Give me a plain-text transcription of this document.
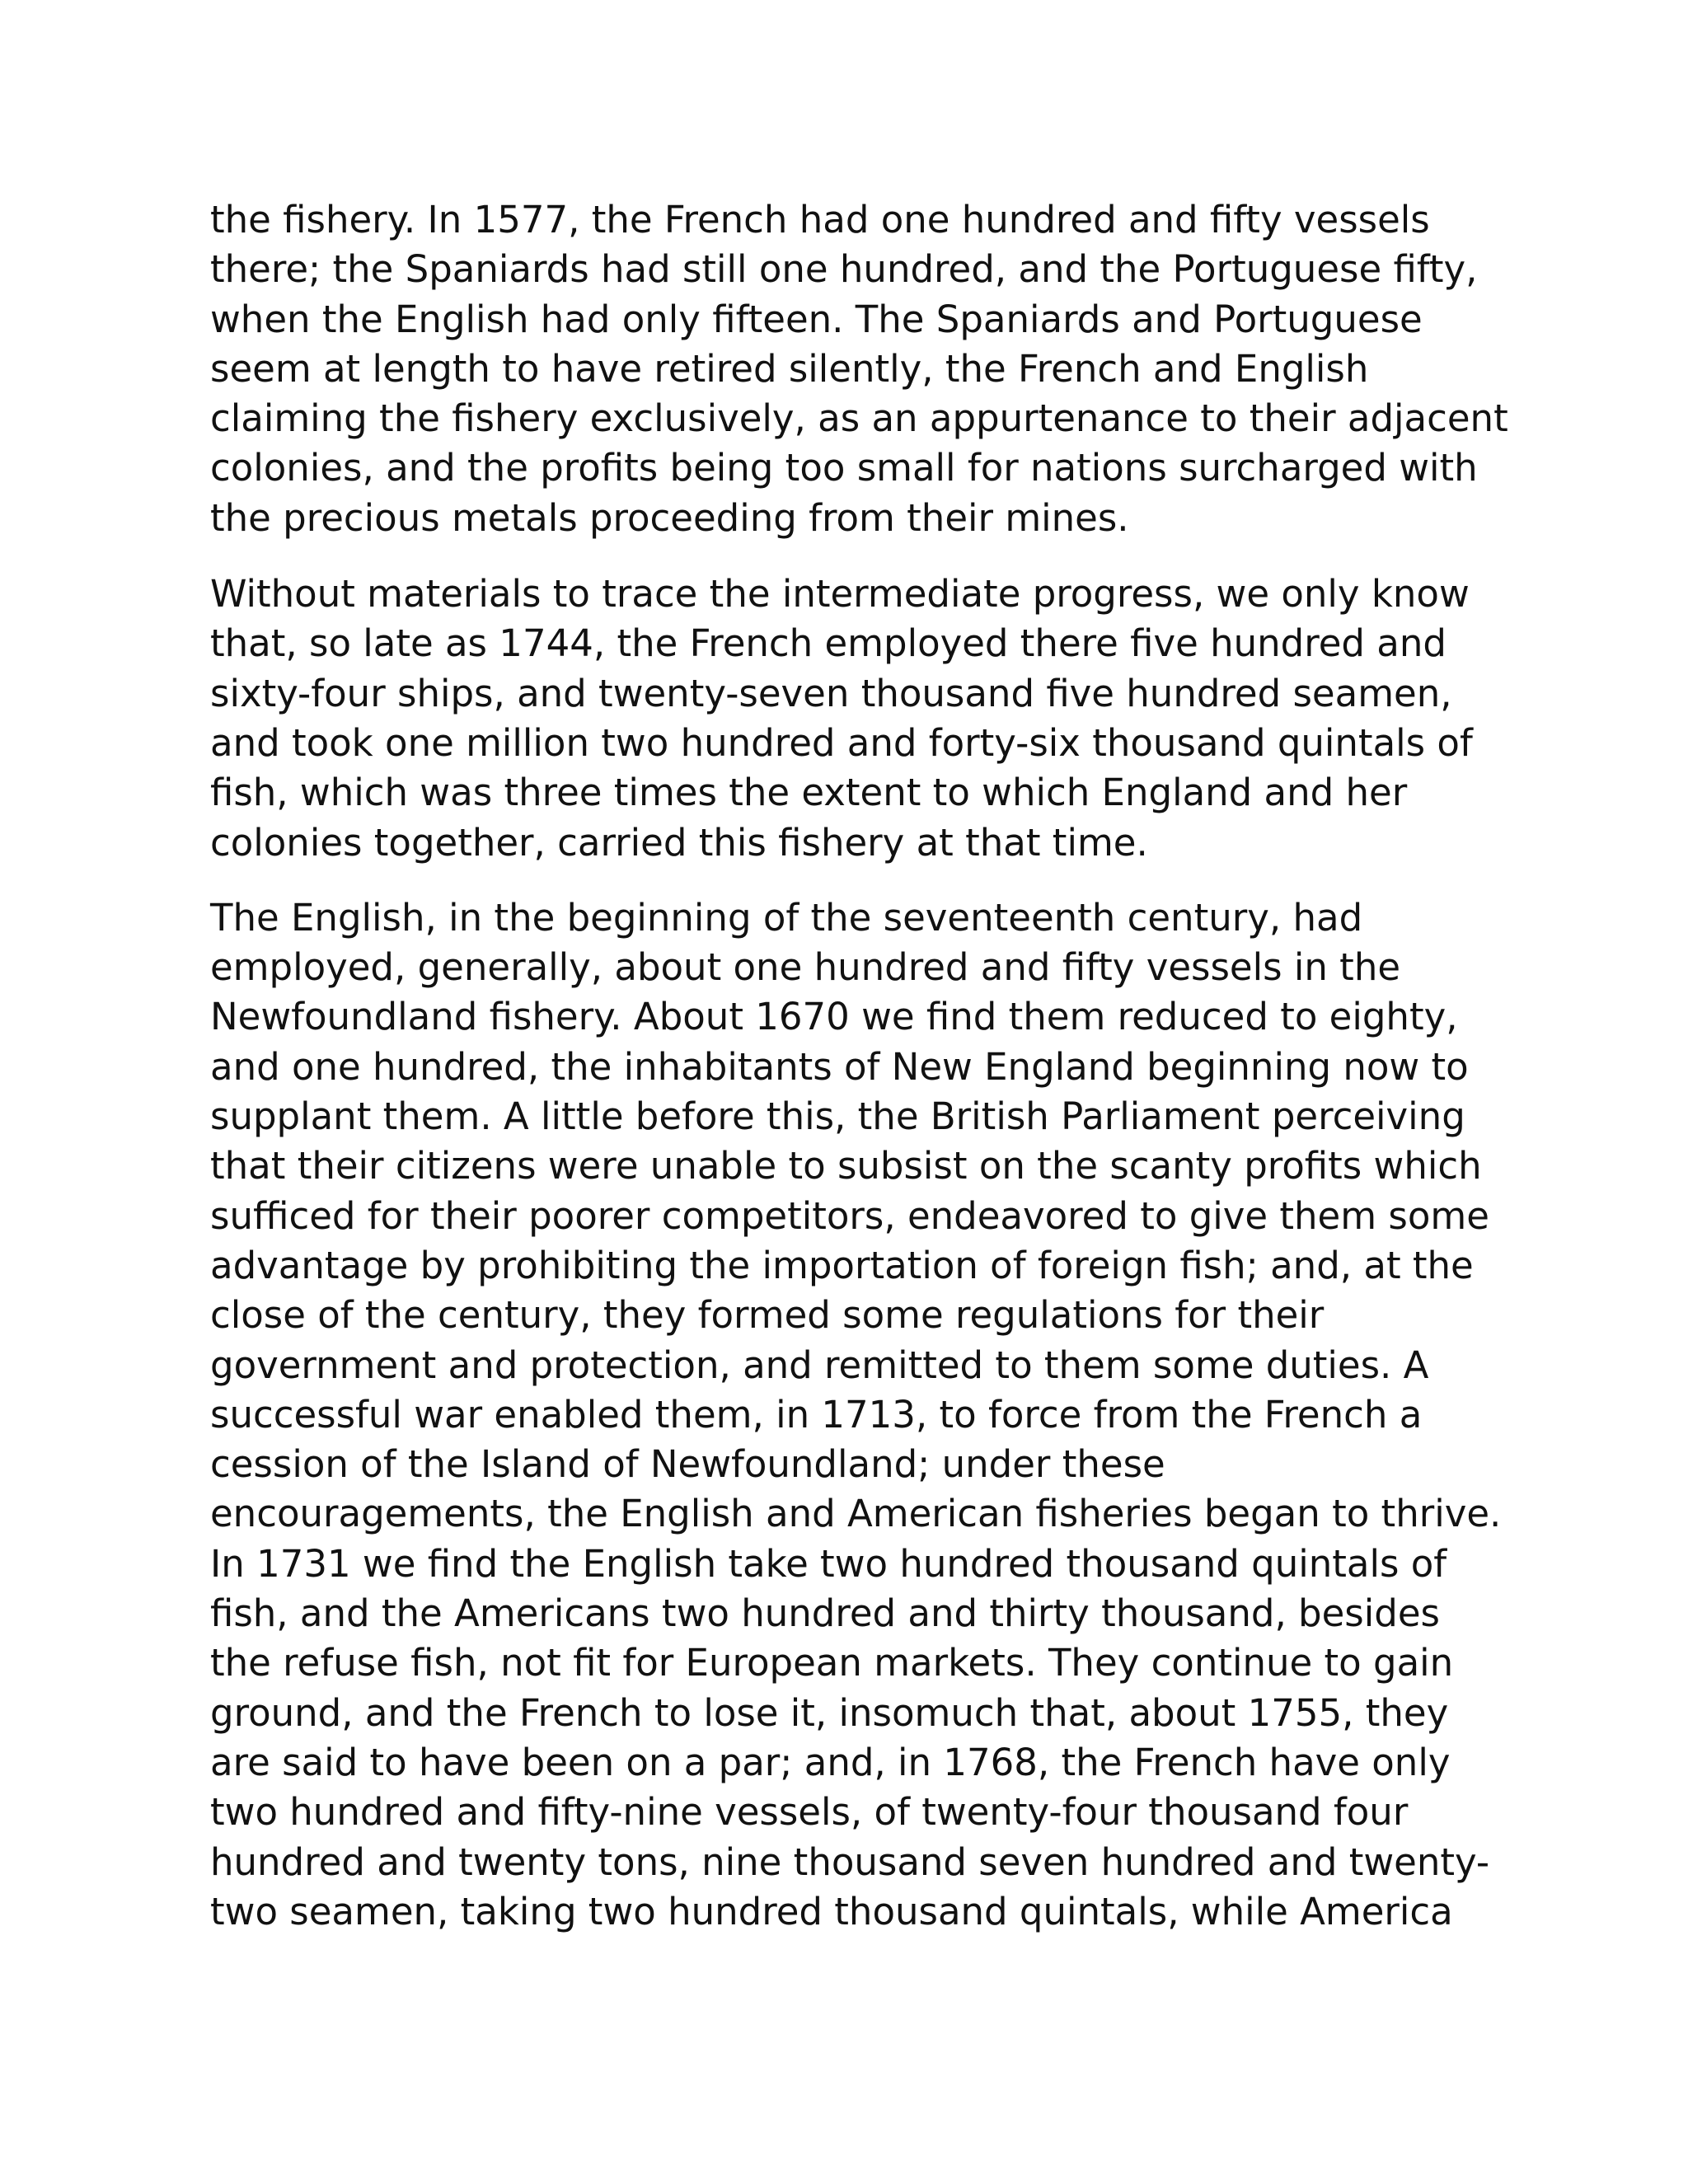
the fishery. In 1577, the French had one hundred and fifty vessels
there; the Spaniards had still one hundred, and the Portuguese fifty,
when the English had only fifteen. The Spaniards and Portuguese
seem at length to have retired silently, the French and English
claiming the fishery exclusively, as an appurtenance to their adjacent
colonies, and the profits being too small for nations surcharged with
the precious metals proceeding from their mines.

Without materials to trace the intermediate progress, we only know
that, so late as 1744, the French employed there five hundred and
sixty-four ships, and twenty-seven thousand five hundred seamen,
and took one million two hundred and forty-six thousand quintals of
fish, which was three times the extent to which England and her
colonies together, carried this fishery at that time.

The English, in the beginning of the seventeenth century, had
employed, generally, about one hundred and fifty vessels in the
Newfoundland fishery. About 1670 we find them reduced to eighty,
and one hundred, the inhabitants of New England beginning now to
supplant them. A little before this, the British Parliament perceiving
that their citizens were unable to subsist on the scanty profits which
sufficed for their poorer competitors, endeavored to give them some
advantage by prohibiting the importation of foreign fish; and, at the
close of the century, they formed some regulations for their
government and protection, and remitted to them some duties. A
successful war enabled them, in 1713, to force from the French a
cession of the Island of Newfoundland; under these
encouragements, the English and American fisheries began to thrive.
In 1731 we find the English take two hundred thousand quintals of
fish, and the Americans two hundred and thirty thousand, besides
the refuse fish, not fit for European markets. They continue to gain
ground, and the French to lose it, insomuch that, about 1755, they
are said to have been on a par; and, in 1768, the French have only
two hundred and fifty-nine vessels, of twenty-four thousand four
hundred and twenty tons, nine thousand seven hundred and twenty-
two seamen, taking two hundred thousand quintals, while America
